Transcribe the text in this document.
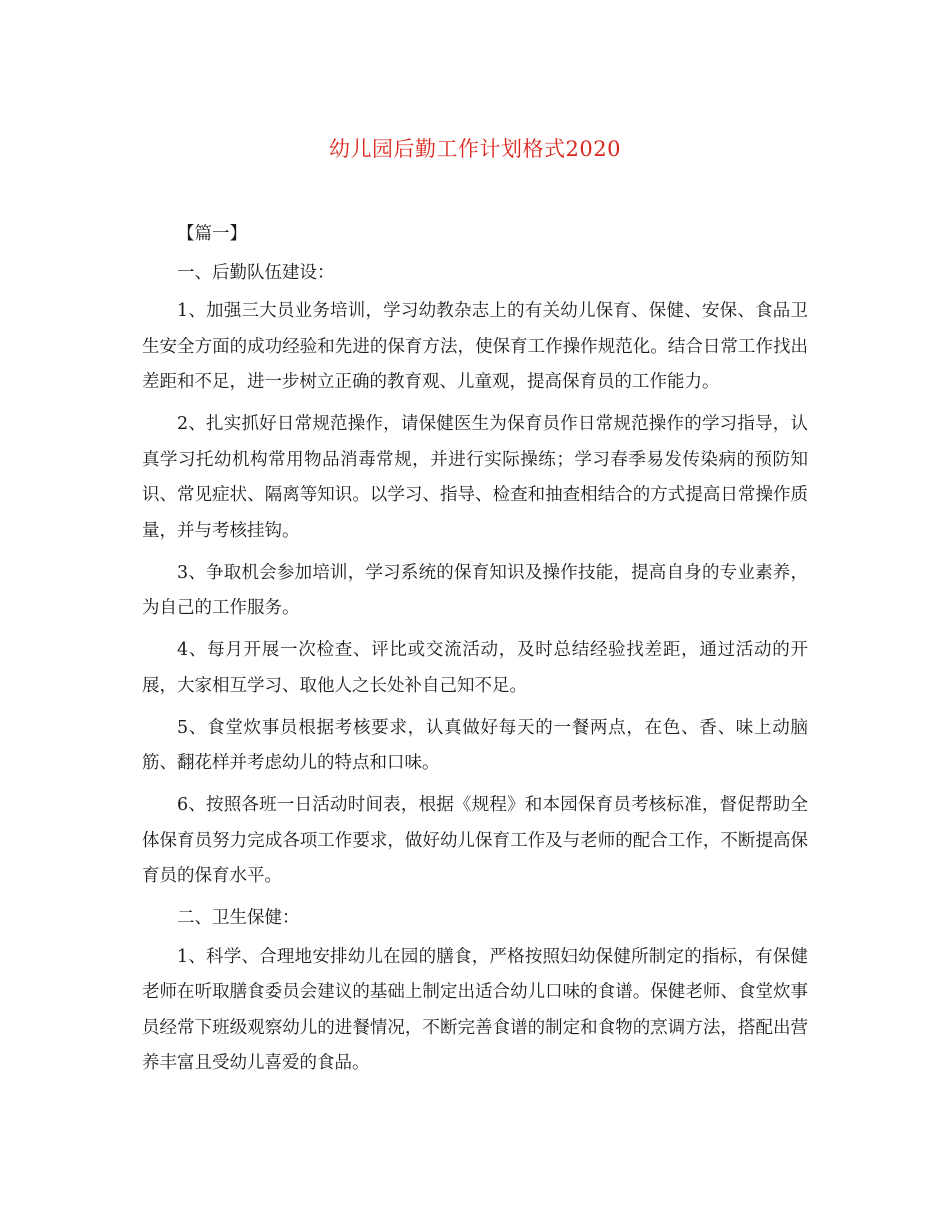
幼儿园后勤工作计划格式2020

【篇一】

一、后勤队伍建设：

1、加强三大员业务培训，学习幼教杂志上的有关幼儿保育、保健、安保、食品卫生安全方面的成功经验和先进的保育方法，使保育工作操作规范化。结合日常工作找出差距和不足，进一步树立正确的教育观、儿童观，提高保育员的工作能力。

2、扎实抓好日常规范操作，请保健医生为保育员作日常规范操作的学习指导，认真学习托幼机构常用物品消毒常规，并进行实际操练；学习春季易发传染病的预防知识、常见症状、隔离等知识。以学习、指导、检查和抽查相结合的方式提高日常操作质量，并与考核挂钩。

3、争取机会参加培训，学习系统的保育知识及操作技能，提高自身的专业素养，为自己的工作服务。

4、每月开展一次检查、评比或交流活动，及时总结经验找差距，通过活动的开展，大家相互学习、取他人之长处补自己知不足。

5、食堂炊事员根据考核要求，认真做好每天的一餐两点，在色、香、味上动脑筋、翻花样并考虑幼儿的特点和口味。

6、按照各班一日活动时间表，根据《规程》和本园保育员考核标准，督促帮助全体保育员努力完成各项工作要求，做好幼儿保育工作及与老师的配合工作，不断提高保育员的保育水平。

二、卫生保健：

1、科学、合理地安排幼儿在园的膳食，严格按照妇幼保健所制定的指标，有保健老师在听取膳食委员会建议的基础上制定出适合幼儿口味的食谱。保健老师、食堂炊事员经常下班级观察幼儿的进餐情况，不断完善食谱的制定和食物的烹调方法，搭配出营养丰富且受幼儿喜爱的食品。
